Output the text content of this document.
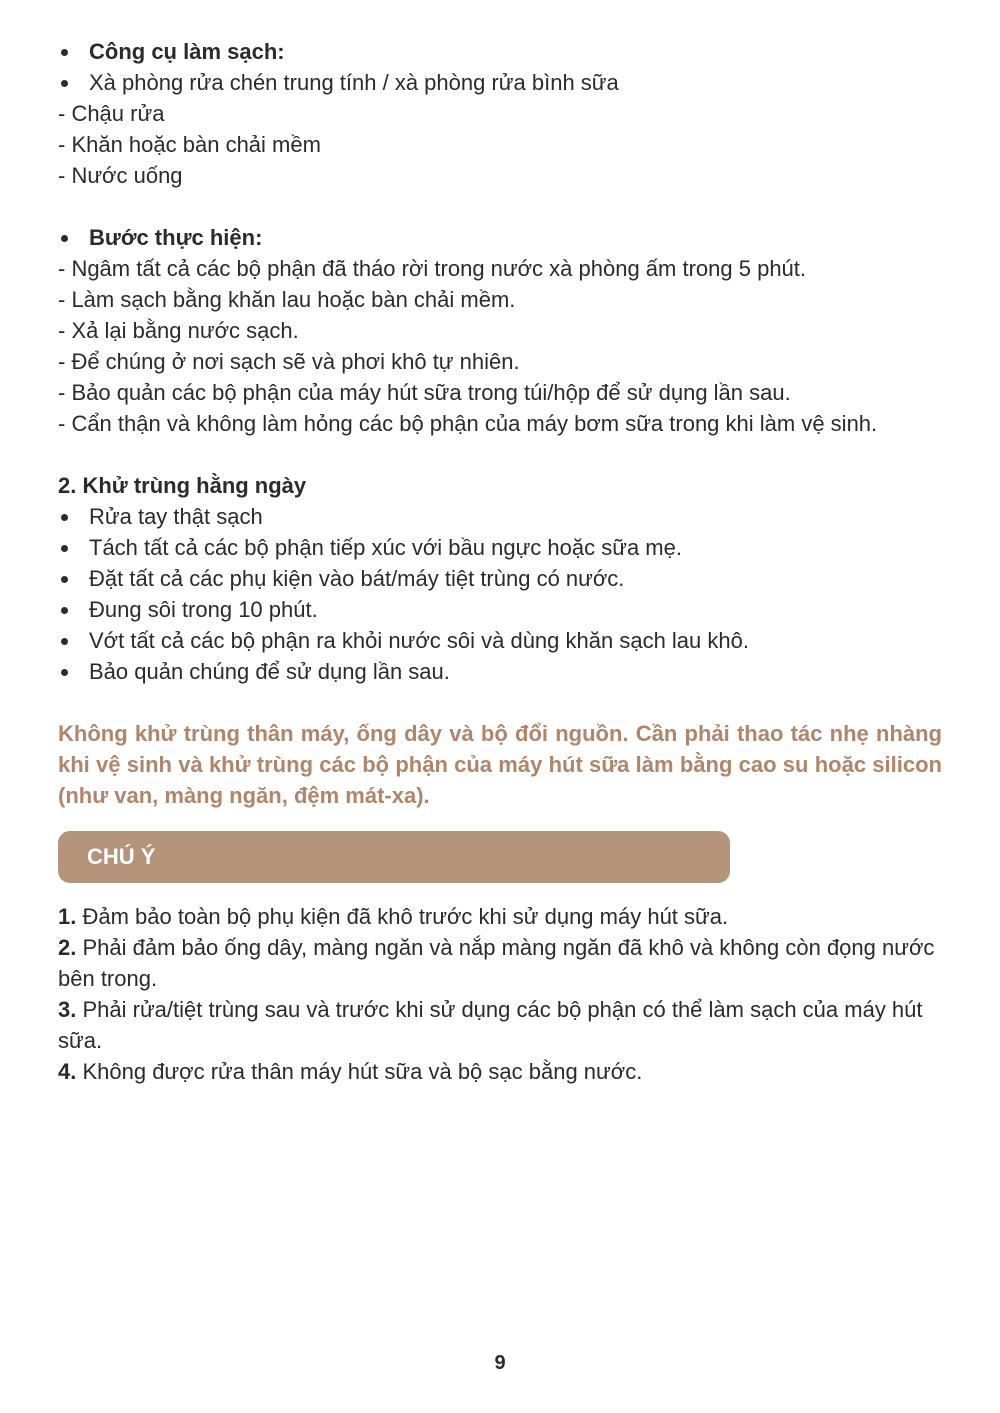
Công cụ làm sạch:
Xà phòng rửa chén trung tính / xà phòng rửa bình sữa
- Chậu rửa
- Khăn hoặc bàn chải mềm
- Nước uống
Bước thực hiện:
- Ngâm tất cả các bộ phận đã tháo rời trong nước xà phòng ấm trong 5 phút.
- Làm sạch bằng khăn lau hoặc bàn chải mềm.
- Xả lại bằng nước sạch.
- Để chúng ở nơi sạch sẽ và phơi khô tự nhiên.
- Bảo quản các bộ phận của máy hút sữa trong túi/hộp để sử dụng lần sau.
- Cẩn thận và không làm hỏng các bộ phận của máy bơm sữa trong khi làm vệ sinh.
2. Khử trùng hằng ngày
Rửa tay thật sạch
Tách tất cả các bộ phận tiếp xúc với bầu ngực hoặc sữa mẹ.
Đặt tất cả các phụ kiện vào bát/máy tiệt trùng có nước.
Đung sôi trong 10 phút.
Vớt tất cả các bộ phận ra khỏi nước sôi và dùng khăn sạch lau khô.
Bảo quản chúng để sử dụng lần sau.
Không khử trùng thân máy, ống dây và bộ đổi nguồn. Cần phải thao tác nhẹ nhàng khi vệ sinh và khử trùng các bộ phận của máy hút sữa làm bằng cao su hoặc silicon (như van, màng ngăn, đệm mát-xa).
CHÚ Ý
1. Đảm bảo toàn bộ phụ kiện đã khô trước khi sử dụng máy hút sữa.
2. Phải đảm bảo ống dây, màng ngăn và nắp màng ngăn đã khô và không còn đọng nước bên trong.
3. Phải rửa/tiệt trùng sau và trước khi sử dụng các bộ phận có thể làm sạch của máy hút sữa.
4. Không được rửa thân máy hút sữa và bộ sạc bằng nước.
9
